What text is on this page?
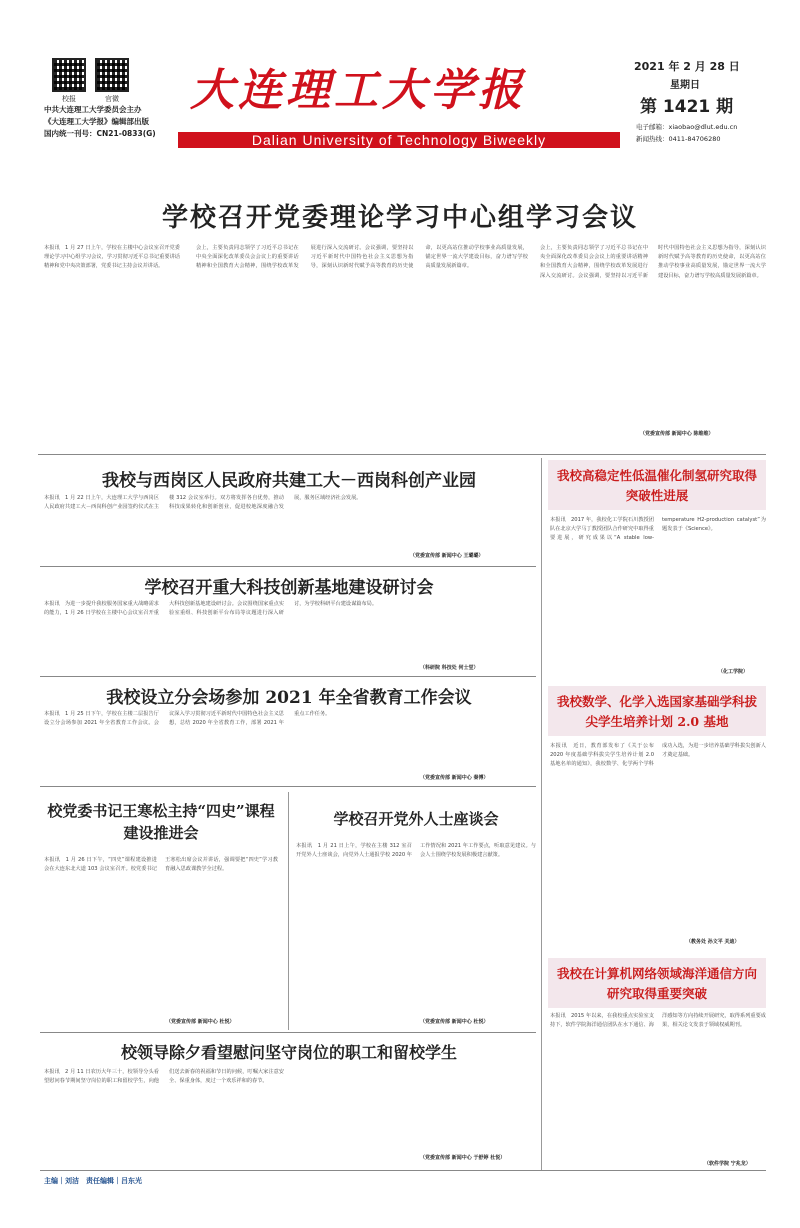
校报	官微
中共大连理工大学委员会主办
《大连理工大学报》编辑部出版
国内统一刊号：CN21-0833(G)
大连理工大学报	2021 年 2 月 28 日
星期日
第 1421 期
电子邮箱：xiaobao@dlut.edu.cn
新闻热线：0411-84706280
Dalian University of Technology Biweekly
学校召开党委理论学习中心组学习会议
本报讯　1 月 27 日上午，学校在主楼中心会议室召开党委理论学习中心组学习会议，学习贯彻习近平总书记重要讲话精神和党中央决策部署，党委书记主持会议并讲话。
会上，主要负责同志领学了习近平总书记在中央全面深化改革委员会会议上的重要讲话精神和全国教育大会精神，围绕学校改革发展进行深入交流研讨。会议强调，要坚持以习近平新时代中国特色社会主义思想为指导，深刻认识新时代赋予高等教育的历史使命，以更高站位推动学校事业高质量发展，锚定世界一流大学建设目标，奋力谱写学校高质量发展新篇章。
会上，主要负责同志领学了习近平总书记在中央全面深化改革委员会会议上的重要讲话精神和全国教育大会精神，围绕学校改革发展进行深入交流研讨。会议强调，要坚持以习近平新时代中国特色社会主义思想为指导，深刻认识新时代赋予高等教育的历史使命，以更高站位推动学校事业高质量发展，锚定世界一流大学建设目标，奋力谱写学校高质量发展新篇章。
（党委宣传部 新闻中心 陈维维）
我校与西岗区人民政府共建工大－西岗科创产业园
本报讯　1 月 22 日上午，大连理工大学与西岗区人民政府共建工大－西岗科创产业园签约仪式在主楼 312 会议室举行。双方将发挥各自优势，推动科技成果转化和创新创业，促进校地深度融合发展，服务区域经济社会发展。
（党委宣传部 新闻中心 王璐璐）
学校召开重大科技创新基地建设研讨会
本报讯　为进一步提升我校服务国家重大战略需求的能力，1 月 26 日学校在主楼中心会议室召开重大科技创新基地建设研讨会。会议围绕国家重点实验室重组、科技创新平台布局等议题进行深入研讨，为学校科研平台建设谋篇布局。
（科研院 科技处 何士堂）
我校设立分会场参加 2021 年全省教育工作会议
本报讯　1 月 25 日下午，学校在主楼二层报告厅设立分会场参加 2021 年全省教育工作会议。会议深入学习贯彻习近平新时代中国特色社会主义思想，总结 2020 年全省教育工作，部署 2021 年重点工作任务。
（党委宣传部 新闻中心 秦博）
校党委书记王寒松主持“四史”课程建设推进会
本报讯　1 月 26 日下午，“四史”课程建设推进会在大连东北大道 103 会议室召开。校党委书记王寒松出席会议并讲话，强调要把“四史”学习教育融入思政课教学全过程。
（党委宣传部 新闻中心 杜悦）
学校召开党外人士座谈会
本报讯　1 月 21 日上午，学校在主楼 312 室召开党外人士座谈会，向党外人士通报学校 2020 年工作情况和 2021 年工作要点，听取意见建议。与会人士围绕学校发展积极建言献策。
（党委宣传部 新闻中心 杜悦）
校领导除夕看望慰问坚守岗位的职工和留校学生
本报讯　2 月 11 日农历大年三十，校领导分头看望慰问春节期间坚守岗位的职工和留校学生，向他们送去新春的祝福和节日的问候，叮嘱大家注意安全、保重身体，度过一个欢乐祥和的春节。
（党委宣传部 新闻中心 于舒婷 杜悦）
我校高稳定性低温催化制氢研究取得突破性进展
本报讯　2017 年，我校化工学院石川教授团队在北京大学马丁教授团队合作研究中取得重要进展，研究成果以“A stable low-temperature H2-production catalyst”为题发表于《Science》。
（化工学院）
我校数学、化学入选国家基础学科拔尖学生培养计划 2.0 基地
本报讯　近日，教育部发布了《关于公布 2020 年度基础学科拔尖学生培养计划 2.0 基地名单的通知》，我校数学、化学两个学科成功入选，为进一步培养基础学科拔尖创新人才奠定基础。
（教务处 孙文平 关迪）
我校在计算机网络领域海洋通信方向研究取得重要突破
本报讯　2015 年以来，在我校重点实验室支持下，软件学院海洋通信团队在水下通信、海洋感知等方向持续开展研究，取得系列重要成果，相关论文发表于领域权威期刊。
（软件学院 宁兆龙）
主编｜刘洁　责任编辑｜吕东光
